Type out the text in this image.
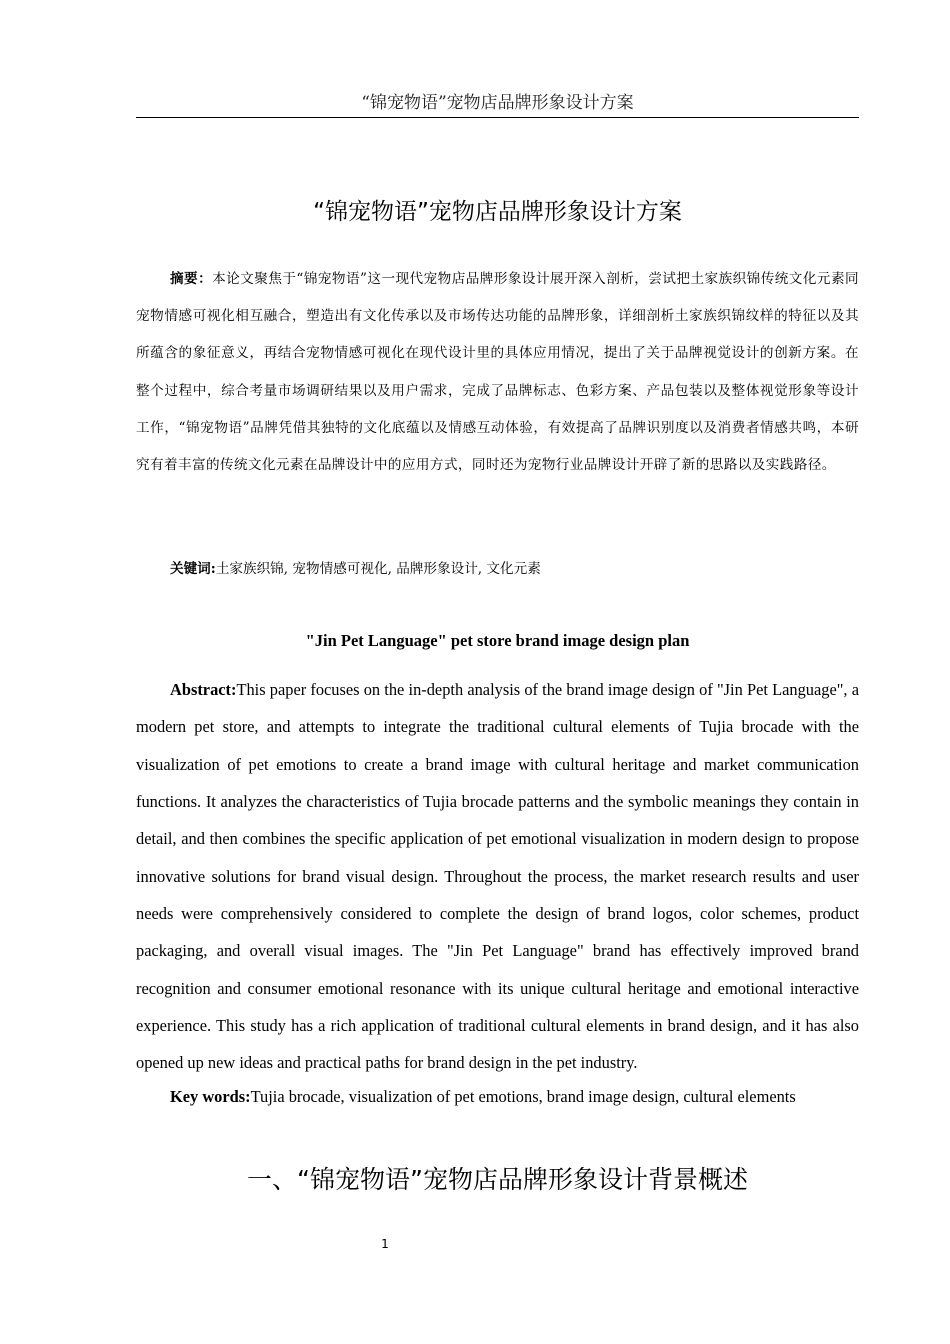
“锦宠物语”宠物店品牌形象设计方案
“锦宠物语”宠物店品牌形象设计方案

摘要：本论文聚焦于“锦宠物语”这一现代宠物店品牌形象设计展开深入剖析，尝试把土家族织锦传统文化元素同宠物情感可视化相互融合，塑造出有文化传承以及市场传达功能的品牌形象，详细剖析土家族织锦纹样的特征以及其所蕴含的象征意义，再结合宠物情感可视化在现代设计里的具体应用情况，提出了关于品牌视觉设计的创新方案。在整个过程中，综合考量市场调研结果以及用户需求，完成了品牌标志、色彩方案、产品包装以及整体视觉形象等设计工作，“锦宠物语”品牌凭借其独特的文化底蕴以及情感互动体验，有效提高了品牌识别度以及消费者情感共鸣，本研究有着丰富的传统文化元素在品牌设计中的应用方式，同时还为宠物行业品牌设计开辟了新的思路以及实践路径。

关键词:土家族织锦, 宠物情感可视化, 品牌形象设计, 文化元素

"Jin Pet Language" pet store brand image design plan

Abstract:This paper focuses on the in-depth analysis of the brand image design of "Jin Pet Language", a modern pet store, and attempts to integrate the traditional cultural elements of Tujia brocade with the visualization of pet emotions to create a brand image with cultural heritage and market communication functions. It analyzes the characteristics of Tujia brocade patterns and the symbolic meanings they contain in detail, and then combines the specific application of pet emotional visualization in modern design to propose innovative solutions for brand visual design. Throughout the process, the market research results and user needs were comprehensively considered to complete the design of brand logos, color schemes, product packaging, and overall visual images. The "Jin Pet Language" brand has effectively improved brand recognition and consumer emotional resonance with its unique cultural heritage and emotional interactive experience. This study has a rich application of traditional cultural elements in brand design, and it has also opened up new ideas and practical paths for brand design in the pet industry.

Key words:Tujia brocade, visualization of pet emotions, brand image design, cultural elements

一、“锦宠物语”宠物店品牌形象设计背景概述
1
